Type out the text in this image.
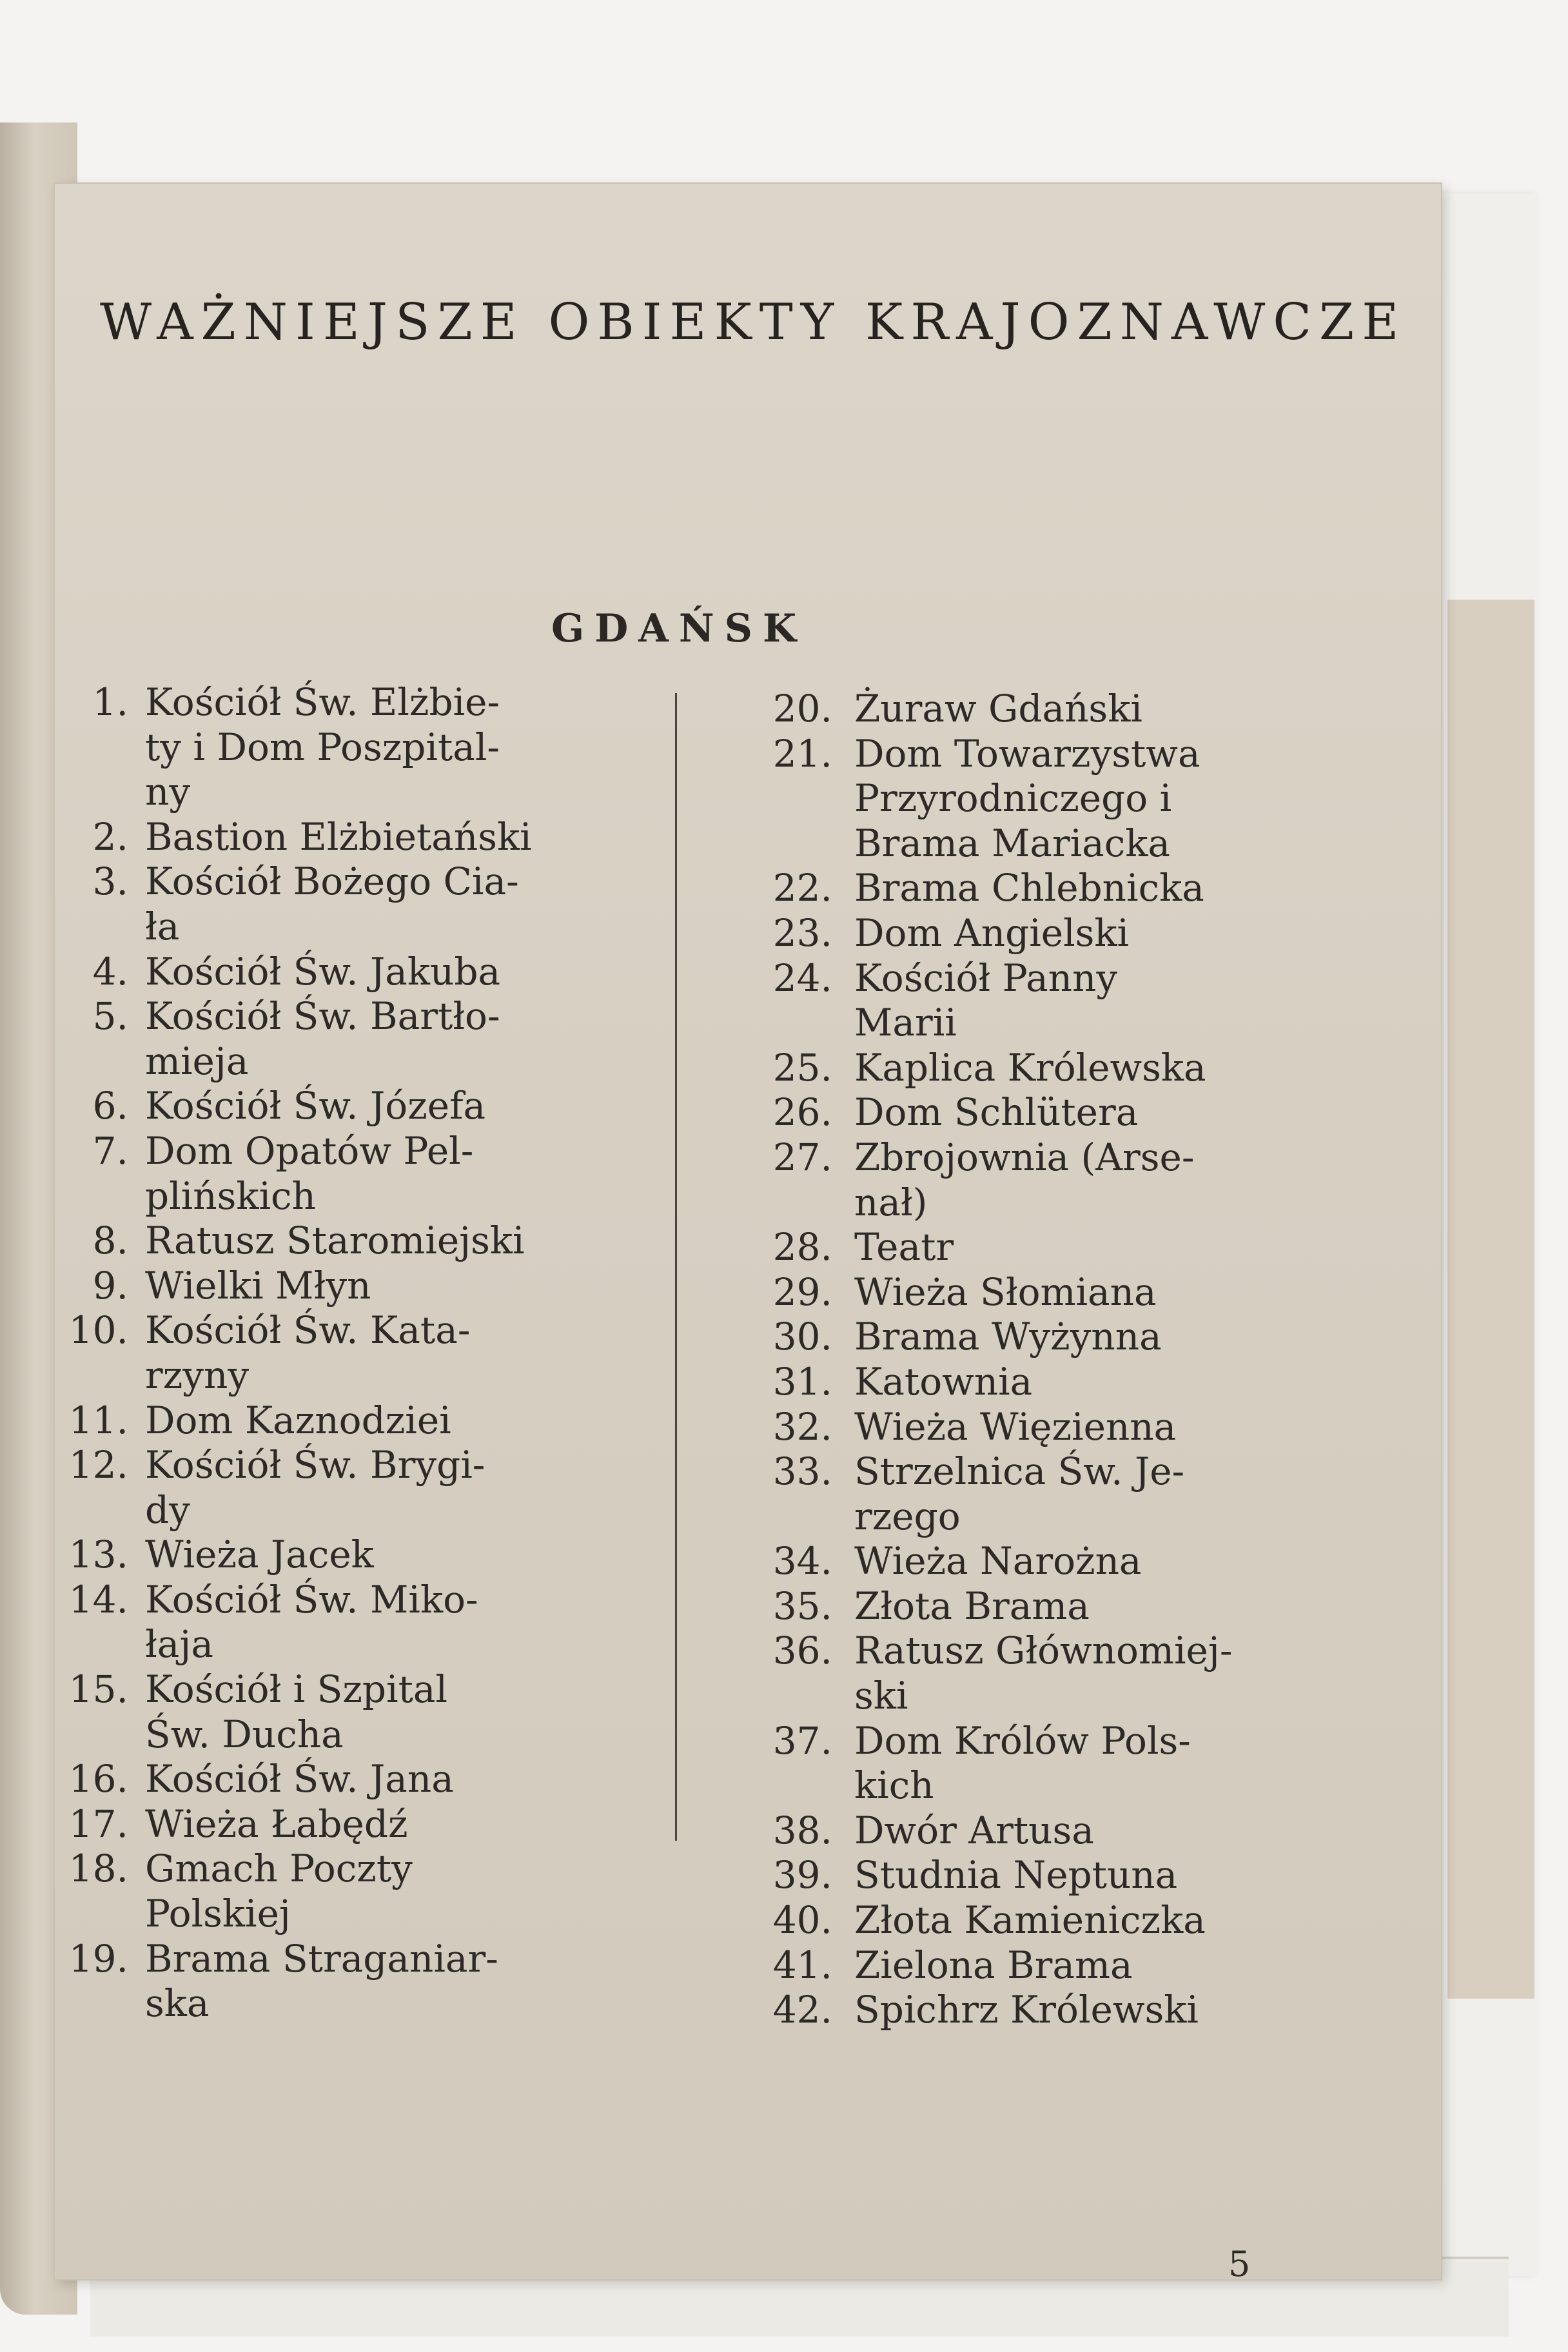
WAŻNIEJSZE OBIEKTY KRAJOZNAWCZE
GDAŃSK
1. Kościół Św. Elżbie-
ty i Dom Poszpital-
ny
2. Bastion Elżbietański
3. Kościół Bożego Cia-
ła
4. Kościół Św. Jakuba
5. Kościół Św. Bartło-
mieja
6. Kościół Św. Józefa
7. Dom Opatów Pel-
plińskich
8. Ratusz Staromiejski
9. Wielki Młyn
10. Kościół Św. Kata-
rzyny
11. Dom Kaznodziei
12. Kościół Św. Brygi-
dy
13. Wieża Jacek
14. Kościół Św. Miko-
łaja
15. Kościół i Szpital
Św. Ducha
16. Kościół Św. Jana
17. Wieża Łabędź
18. Gmach Poczty
Polskiej
19. Brama Straganiar-
ska
20. Żuraw Gdański
21. Dom Towarzystwa
Przyrodniczego i
Brama Mariacka
22. Brama Chlebnicka
23. Dom Angielski
24. Kościół Panny
Marii
25. Kaplica Królewska
26. Dom Schlütera
27. Zbrojownia (Arse-
nał)
28. Teatr
29. Wieża Słomiana
30. Brama Wyżynna
31. Katownia
32. Wieża Więzienna
33. Strzelnica Św. Je-
rzego
34. Wieża Narożna
35. Złota Brama
36. Ratusz Głównomiej-
ski
37. Dom Królów Pols-
kich
38. Dwór Artusa
39. Studnia Neptuna
40. Złota Kamieniczka
41. Zielona Brama
42. Spichrz Królewski
5
